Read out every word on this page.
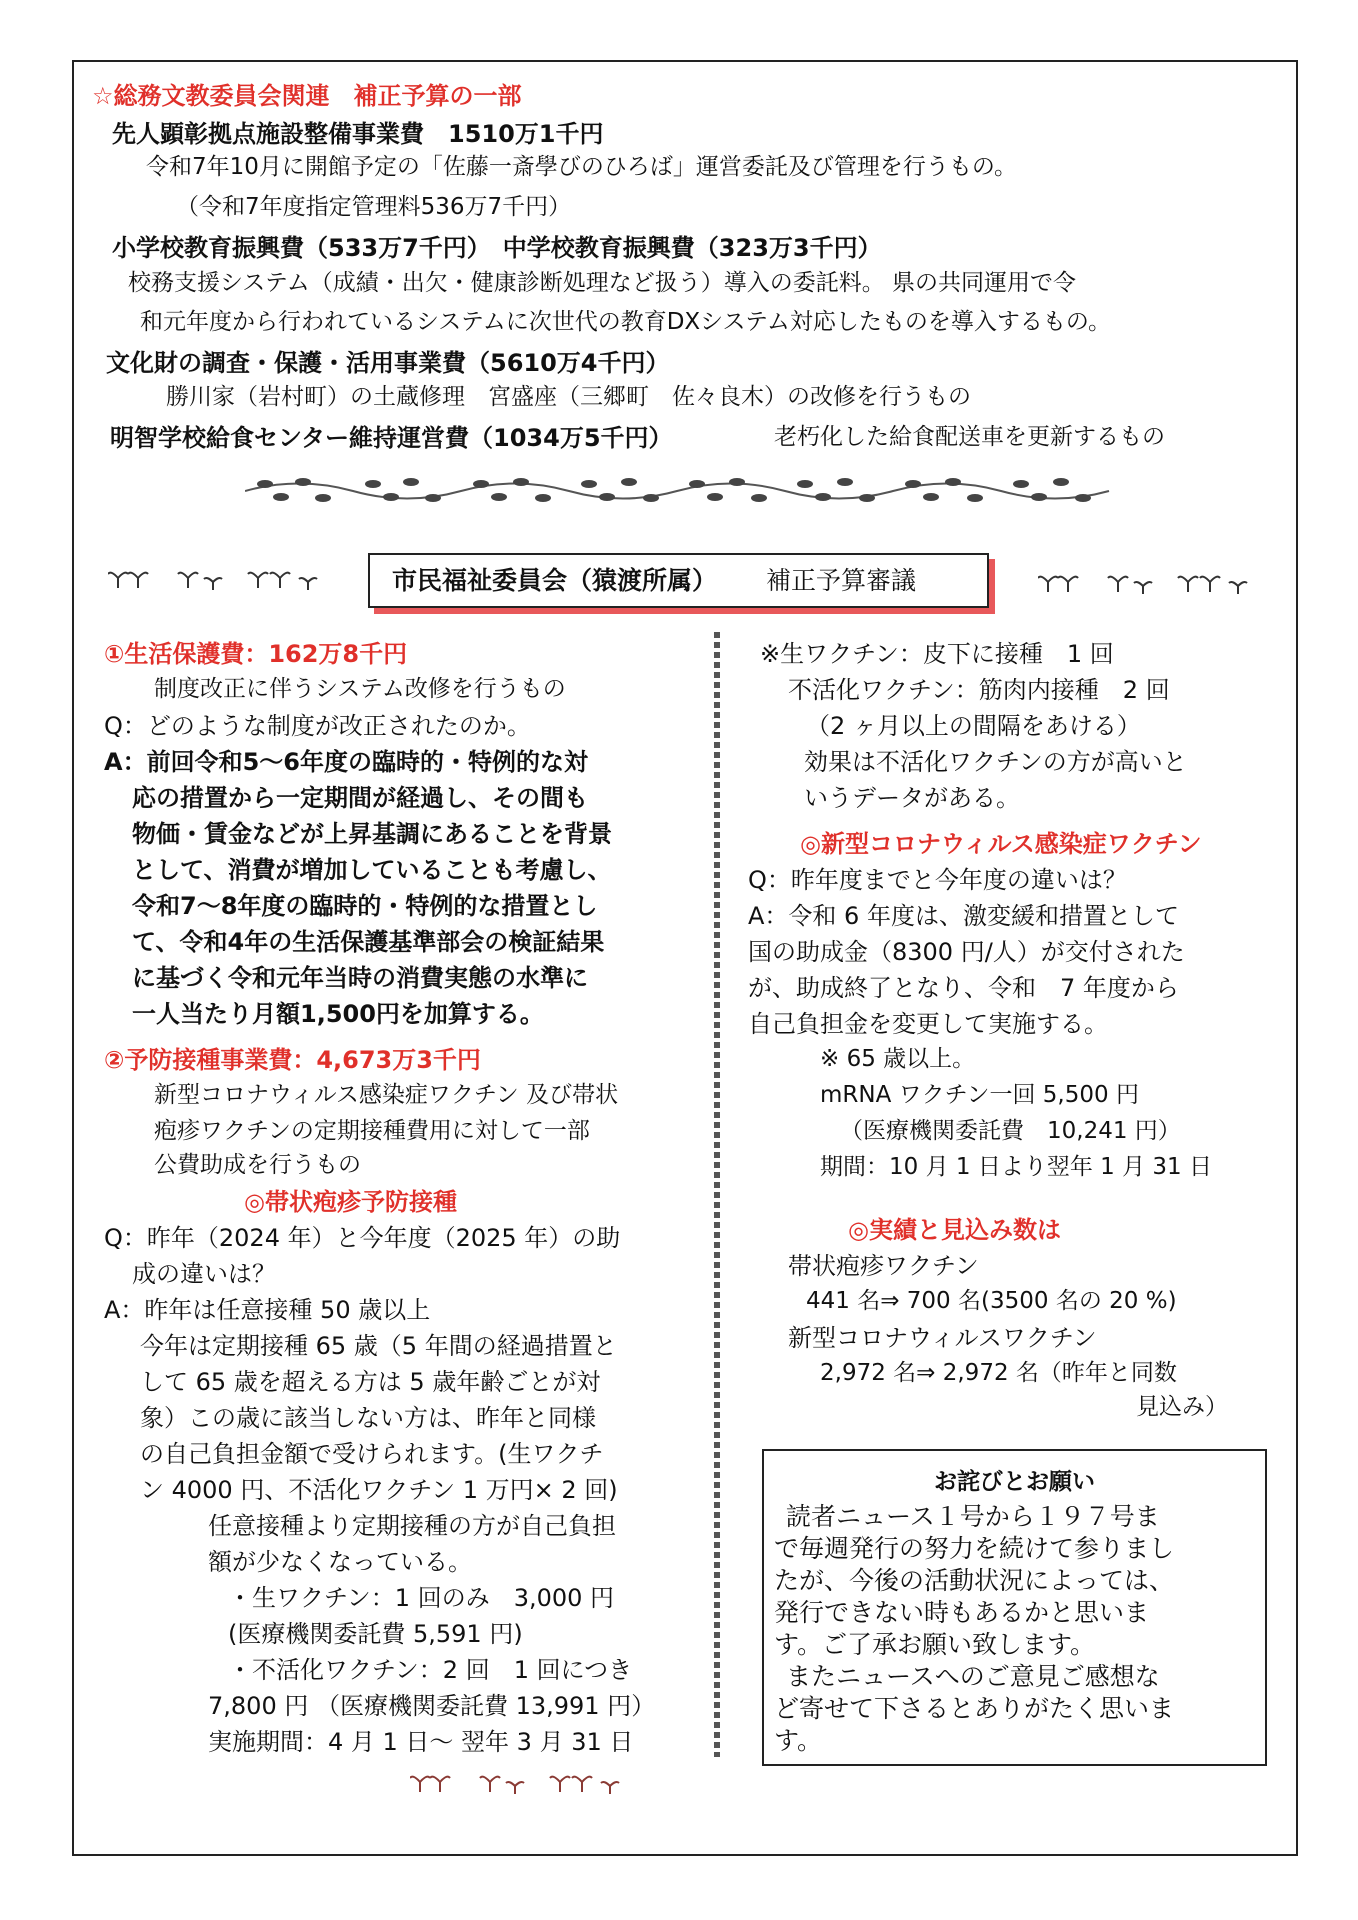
☆総務文教委員会関連　補正予算の一部
先人顕彰拠点施設整備事業費　1510万1千円
令和7年10月に開館予定の「佐藤一斎學びのひろば」運営委託及び管理を行うもの。
（令和7年度指定管理料536万7千円）
小学校教育振興費（533万7千円）　中学校教育振興費（323万3千円）
校務支援システム（成績・出欠・健康診断処理など扱う）導入の委託料。 県の共同運用で令
和元年度から行われているシステムに次世代の教育DXシステム対応したものを導入するもの。
文化財の調査・保護・活用事業費（5610万4千円）
勝川家（岩村町）の土蔵修理　宮盛座（三郷町　佐々良木）の改修を行うもの
明智学校給食センター維持運営費（1034万5千円）	老朽化した給食配送車を更新するもの
市民福祉委員会（猿渡所属） 補正予算審議

①生活保護費：162万8千円

制度改正に伴うシステム改修を行うもの

Q：どのような制度が改正されたのか。

A：前回令和5～6年度の臨時的・特例的な対

応の措置から一定期間が経過し、その間も

物価・賃金などが上昇基調にあることを背景

として、消費が増加していることも考慮し、

令和7～8年度の臨時的・特例的な措置とし

て、令和4年の生活保護基準部会の検証結果

に基づく令和元年当時の消費実態の水準に

一人当たり月額1,500円を加算する。

②予防接種事業費：4,673万3千円

新型コロナウィルス感染症ワクチン 及び帯状

疱疹ワクチンの定期接種費用に対して一部

公費助成を行うもの

◎帯状疱疹予防接種

Q：昨年（2024 年）と今年度（2025 年）の助

成の違いは？

A：昨年は任意接種 50 歳以上

今年は定期接種 65 歳（5 年間の経過措置と

して 65 歳を超える方は 5 歳年齢ごとが対

象）この歳に該当しない方は、昨年と同様

の自己負担金額で受けられます。(生ワクチ

ン 4000 円、不活化ワクチン 1 万円× 2 回)

任意接種より定期接種の方が自己負担

額が少なくなっている。

・生ワクチン：1 回のみ　3,000 円

(医療機関委託費 5,591 円)

・不活化ワクチン：2 回　1 回につき

7,800 円 （医療機関委託費 13,991 円）

実施期間：4 月 1 日～ 翌年 3 月 31 日

※生ワクチン：皮下に接種　1 回

不活化ワクチン：筋肉内接種　2 回

（2 ヶ月以上の間隔をあける）

効果は不活化ワクチンの方が高いと

いうデータがある。

◎新型コロナウィルス感染症ワクチン

Q：昨年度までと今年度の違いは？

A：令和 6 年度は、激変緩和措置として

国の助成金（8300 円/人）が交付された

が、助成終了となり、令和　7 年度から

自己負担金を変更して実施する。

※ 65 歳以上。

mRNA ワクチン一回 5,500 円

（医療機関委託費　10,241 円）

期間：10 月 1 日より翌年 1 月 31 日

◎実績と見込み数は

帯状疱疹ワクチン

441 名⇒ 700 名(3500 名の 20 %)

新型コロナウィルスワクチン

2,972 名⇒ 2,972 名（昨年と同数

見込み）

お詫びとお願い

読者ニュース１号から１９７号ま

で毎週発行の努力を続けて参りまし

たが、今後の活動状況によっては、

発行できない時もあるかと思いま

す。ご了承お願い致します。

またニュースへのご意見ご感想な

ど寄せて下さるとありがたく思いま

す。
